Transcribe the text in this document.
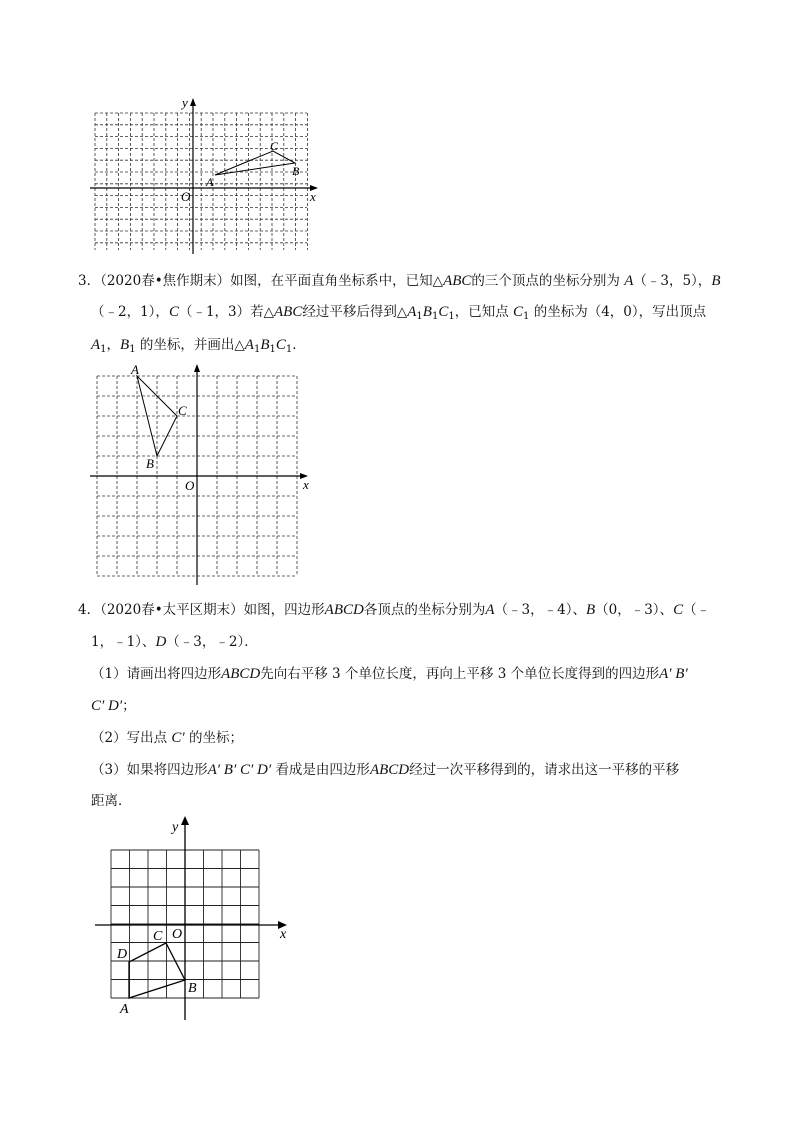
y
x
O
A
B
C
3．（2020春•焦作期末）如图，在平面直角坐标系中，已知△ABC的三个顶点的坐标分别为 A（﹣3，5），B
（﹣2，1），C（﹣1，3）若△ABC经过平移后得到$\triangle A_1B_1C_1$，已知点 $C_1$ 的坐标为（4，0），写出顶点
$A_1$，$B_1$ 的坐标，并画出$\triangle A_1B_1C_1$．
x
O
A
B
C
4．（2020春•太平区期末）如图，四边形ABCD各顶点的坐标分别为A（﹣3，﹣4）、B（0，﹣3）、C（﹣
1，﹣1）、D（﹣3，﹣2）．
（1）请画出将四边形ABCD先向右平移 3 个单位长度，再向上平移 3 个单位长度得到的四边形A′ B′
C′ D′；
（2）写出点 C′ 的坐标；
（3）如果将四边形A′ B′ C′ D′ 看成是由四边形ABCD经过一次平移得到的，请求出这一平移的平移
距离．
y
x
O
A
B
C
D
